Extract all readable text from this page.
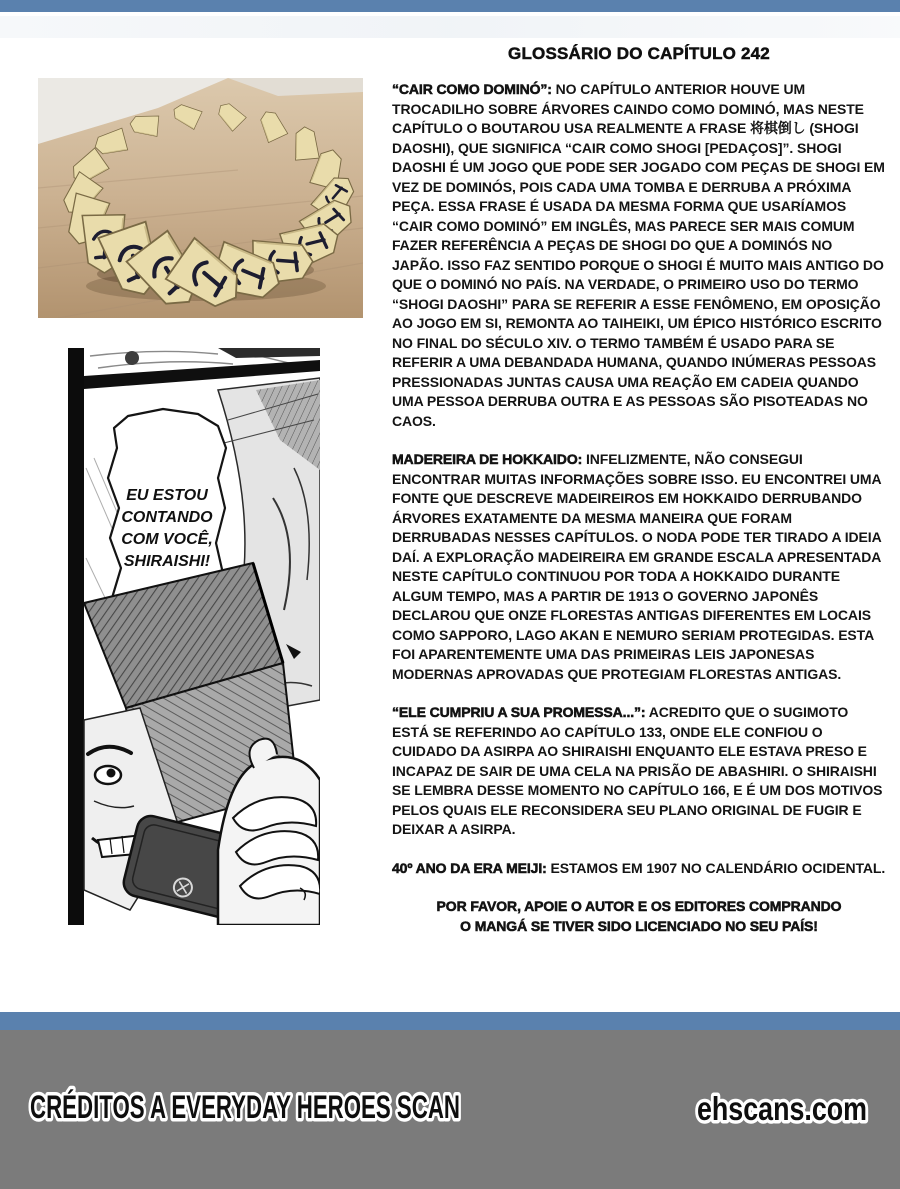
GLOSSÁRIO DO CAPÍTULO 242
EU ESTOU
CONTANDO
COM VOCÊ,
SHIRAISHI!

“CAIR COMO DOMINÓ”: NO CAPÍTULO ANTERIOR HOUVE UM TROCADILHO SOBRE ÁRVORES CAINDO COMO DOMINÓ, MAS NESTE CAPÍTULO O BOUTAROU USA REALMENTE A FRASE 将棋倒し (SHOGI DAOSHI), QUE SIGNIFICA “CAIR COMO SHOGI [PEDAÇOS]”. SHOGI DAOSHI É UM JOGO QUE PODE SER JOGADO COM PEÇAS DE SHOGI EM VEZ DE DOMINÓS, POIS CADA UMA TOMBA E DERRUBA A PRÓXIMA PEÇA. ESSA FRASE É USADA DA MESMA FORMA QUE USARÍAMOS “CAIR COMO DOMINÓ” EM INGLÊS, MAS PARECE SER MAIS COMUM FAZER REFERÊNCIA A PEÇAS DE SHOGI DO QUE A DOMINÓS NO JAPÃO. ISSO FAZ SENTIDO PORQUE O SHOGI É MUITO MAIS ANTIGO DO QUE O DOMINÓ NO PAÍS. NA VERDADE, O PRIMEIRO USO DO TERMO “SHOGI DAOSHI” PARA SE REFERIR A ESSE FENÔMENO, EM OPOSIÇÃO AO JOGO EM SI, REMONTA AO TAIHEIKI, UM ÉPICO HISTÓRICO ESCRITO NO FINAL DO SÉCULO XIV. O TERMO TAMBÉM É USADO PARA SE REFERIR A UMA DEBANDADA HUMANA, QUANDO INÚMERAS PESSOAS PRESSIONADAS JUNTAS CAUSA UMA REAÇÃO EM CADEIA QUANDO UMA PESSOA DERRUBA OUTRA E AS PESSOAS SÃO PISOTEADAS NO CAOS.

MADEREIRA DE HOKKAIDO: INFELIZMENTE, NÃO CONSEGUI ENCONTRAR MUITAS INFORMAÇÕES SOBRE ISSO. EU ENCONTREI UMA FONTE QUE DESCREVE MADEIREIROS EM HOKKAIDO DERRUBANDO ÁRVORES EXATAMENTE DA MESMA MANEIRA QUE FORAM DERRUBADAS NESSES CAPÍTULOS. O NODA PODE TER TIRADO A IDEIA DAÍ. A EXPLORAÇÃO MADEIREIRA EM GRANDE ESCALA APRESENTADA NESTE CAPÍTULO CONTINUOU POR TODA A HOKKAIDO DURANTE ALGUM TEMPO, MAS A PARTIR DE 1913 O GOVERNO JAPONÊS DECLAROU QUE ONZE FLORESTAS ANTIGAS DIFERENTES EM LOCAIS COMO SAPPORO, LAGO AKAN E NEMURO SERIAM PROTEGIDAS. ESTA FOI APARENTEMENTE UMA DAS PRIMEIRAS LEIS JAPONESAS MODERNAS APROVADAS QUE PROTEGIAM FLORESTAS ANTIGAS.

“ELE CUMPRIU A SUA PROMESSA...”: ACREDITO QUE O SUGIMOTO ESTÁ SE REFERINDO AO CAPÍTULO 133, ONDE ELE CONFIOU O CUIDADO DA ASIRPA AO SHIRAISHI ENQUANTO ELE ESTAVA PRESO E INCAPAZ DE SAIR DE UMA CELA NA PRISÃO DE ABASHIRI. O SHIRAISHI SE LEMBRA DESSE MOMENTO NO CAPÍTULO 166, E É UM DOS MOTIVOS PELOS QUAIS ELE RECONSIDERA SEU PLANO ORIGINAL DE FUGIR E DEIXAR A ASIRPA.

40º ANO DA ERA MEIJI: ESTAMOS EM 1907 NO CALENDÁRIO OCIDENTAL.

POR FAVOR, APOIE O AUTOR E OS EDITORES COMPRANDO
O MANGÁ SE TIVER SIDO LICENCIADO NO SEU PAÍS!
CRÉDITOS A EVERYDAY HEROES SCAN	ehscans.com
